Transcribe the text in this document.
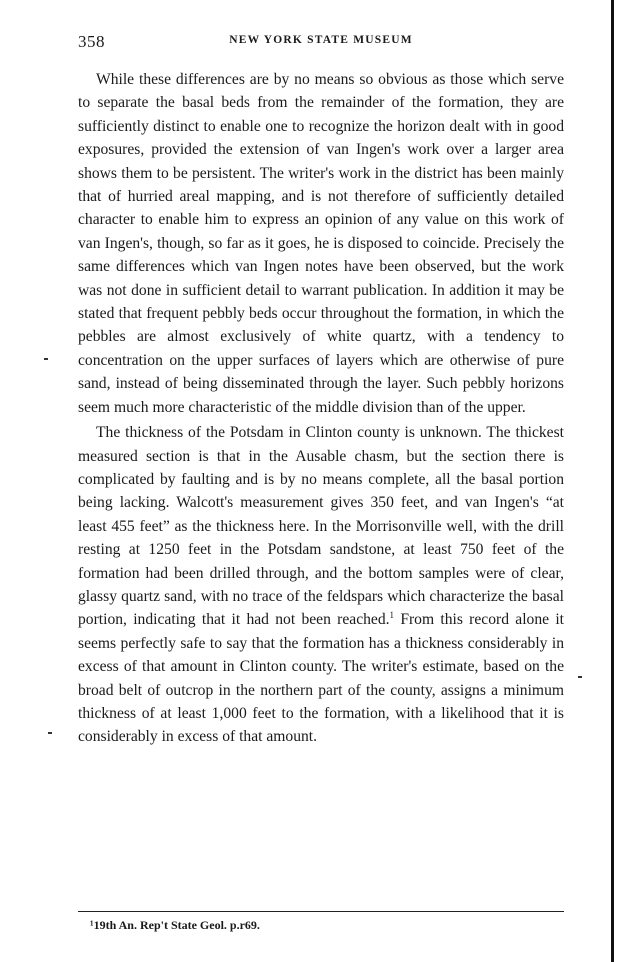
358	NEW YORK STATE MUSEUM

While these differences are by no means so obvious as those which serve to separate the basal beds from the remainder of the formation, they are sufficiently distinct to enable one to recognize the horizon dealt with in good exposures, provided the extension of van Ingen's work over a larger area shows them to be persistent. The writer's work in the district has been mainly that of hurried areal mapping, and is not therefore of sufficiently detailed character to enable him to express an opinion of any value on this work of van Ingen's, though, so far as it goes, he is disposed to coincide. Precisely the same differences which van Ingen notes have been observed, but the work was not done in sufficient detail to warrant publication. In addition it may be stated that frequent pebbly beds occur throughout the formation, in which the pebbles are almost exclusively of white quartz, with a tendency to concentration on the upper surfaces of layers which are otherwise of pure sand, instead of being disseminated through the layer. Such pebbly horizons seem much more characteristic of the middle division than of the upper.

The thickness of the Potsdam in Clinton county is unknown. The thickest measured section is that in the Ausable chasm, but the section there is complicated by faulting and is by no means complete, all the basal portion being lacking. Walcott's measurement gives 350 feet, and van Ingen's “at least 455 feet” as the thickness here. In the Morrisonville well, with the drill resting at 1250 feet in the Potsdam sandstone, at least 750 feet of the formation had been drilled through, and the bottom samples were of clear, glassy quartz sand, with no trace of the feldspars which characterize the basal portion, indicating that it had not been reached.$^1$ From this record alone it seems perfectly safe to say that the formation has a thickness considerably in excess of that amount in Clinton county. The writer's estimate, based on the broad belt of outcrop in the northern part of the county, assigns a minimum thickness of at least 1,000 feet to the formation, with a likelihood that it is considerably in excess of that amount.

¹19th An. Rep't State Geol. p.r69.
